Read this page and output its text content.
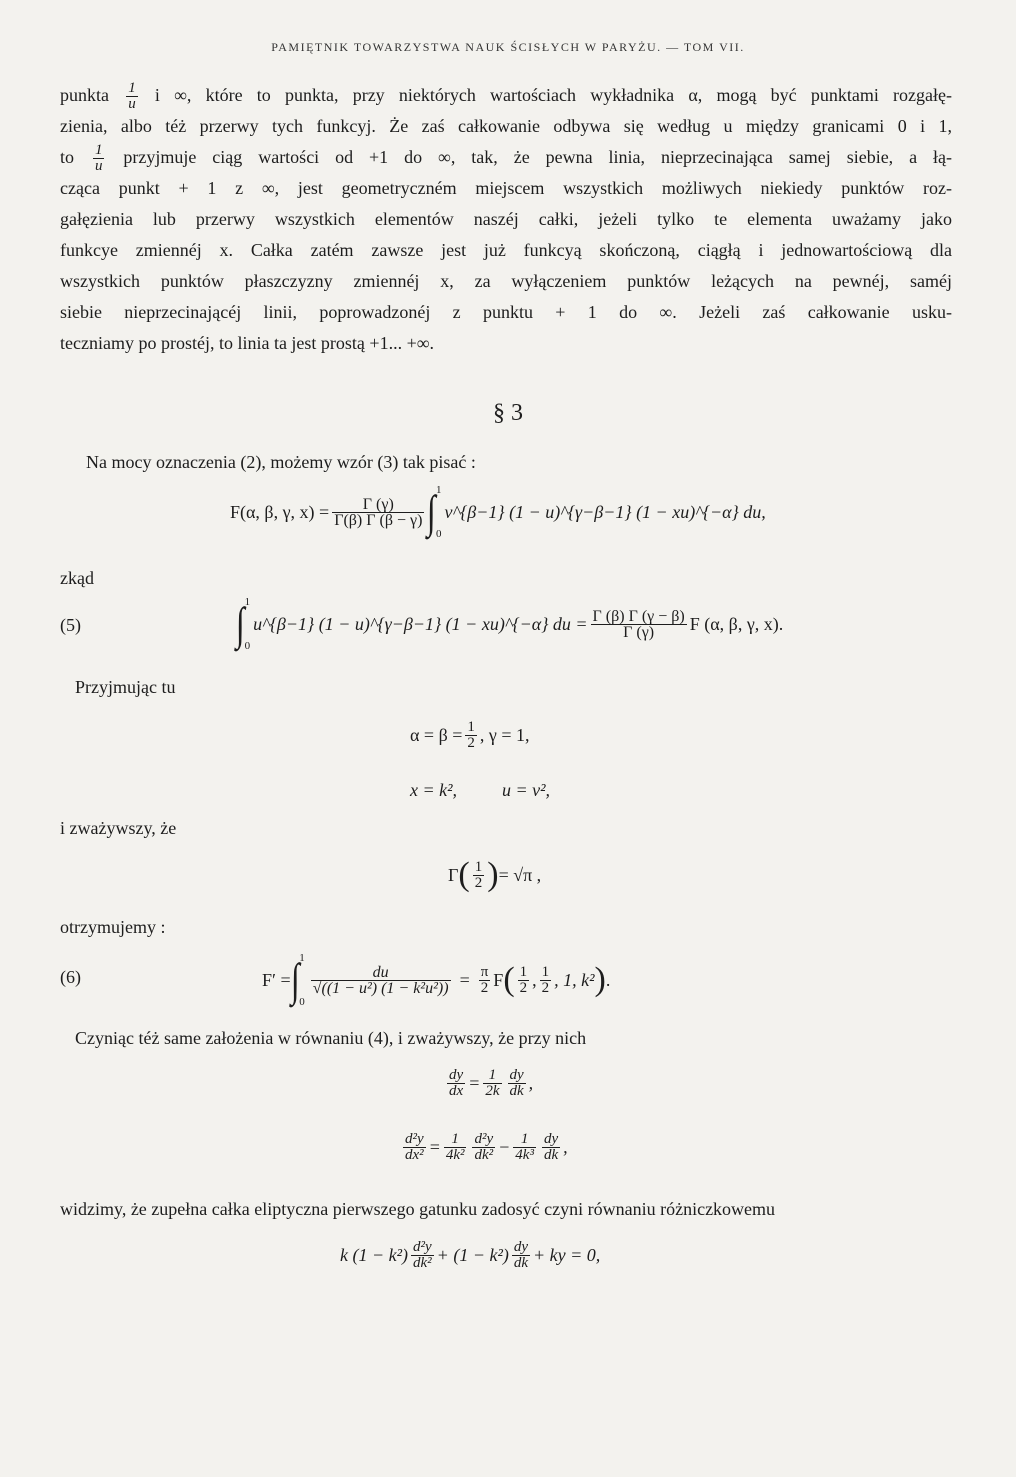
PAMIĘTNIK TOWARZYSTWA NAUK ŚCISŁYCH W PARYŻU. — TOM VII.
punkta $\frac{1}{u}$ i ∞, które to punkta, przy niektórych wartościach wykładnika α, mogą być punktami rozgałę-
zienia, albo téż przerwy tych funkcyj. Że zaś całkowanie odbywa się według u między granicami 0 i 1,
to $\frac{1}{u}$ przyjmuje ciąg wartości od +1 do ∞, tak, że pewna linia, nieprzecinająca samej siebie, a łą-
cząca punkt + 1 z ∞, jest geometryczném miejscem wszystkich możliwych niekiedy punktów roz-
gałęzienia lub przerwy wszystkich elementów naszéj całki, jeżeli tylko te elementa uważamy jako
funkcye zmiennéj x. Całka zatém zawsze jest już funkcyą skończoną, ciągłą i jednowartościową dla
wszystkich punktów płaszczyzny zmiennéj x, za wyłączeniem punktów leżących na pewnéj, saméj
siebie nieprzecinającéj linii, poprowadzonéj z punktu + 1 do ∞. Jeżeli zaś całkowanie usku-
teczniamy po prostéj, to linia ta jest prostą +1... +∞.
§ 3
Na mocy oznaczenia (2), możemy wzór (3) tak pisać :
F(α, β, γ, $x) = \frac{\Gamma (\gamma)}{\Gamma(\beta) \Gamma (\beta - \gamma)}$ ∫ 1
0
v^{β−1} (1 − u)^{γ−β−1} (1 − xu)^{−α} du,
zkąd
(5)	∫ 1
0
u^{β−1} (1 − u)^{γ−β−1} (1 − xu)^{−α} du = $\frac{\Gamma (\beta) \Gamma (\gamma - \beta)}{\Gamma (\gamma)}$ F (α, β, γ, x).
Przyjmując tu
$\alpha = \beta = \frac{1}{2}$ , γ = 1,
x = k²,          u = v²,
i zważywszy, że
Γ ( $\frac{1}{2}$ ) = √π ,
otrzymujemy :
(6)	F′ = ∫ 1
0
$\frac{du}{\text{√((1 − u²) (1 − k²u²))}} = \frac{\pi}{2}$ F ( $\frac{1}{2}$ , $\frac{1}{2}$ , 1, k² ) .
Czyniąc téż same założenia w równaniu (4), i zważywszy, że przy nich
$\frac{dy}{dx} = \frac{1}{2k} \frac{dy}{dk}$ ,
$\frac{\text{d²y}}{\text{dx²}} = \frac{1}{\text{4k²}} \frac{\text{d²y}}{\text{dk²}} - \frac{1}{\text{4k³}} \frac{dy}{dk}$ ,
widzimy, że zupełna całka eliptyczna pierwszego gatunku zadosyć czyni równaniu różniczkowemu
k $(1 - k^2) \frac{\text{d²y}}{\text{dk²}} + (1 - k^2) \frac{dy}{dk}$ + ky = 0,
